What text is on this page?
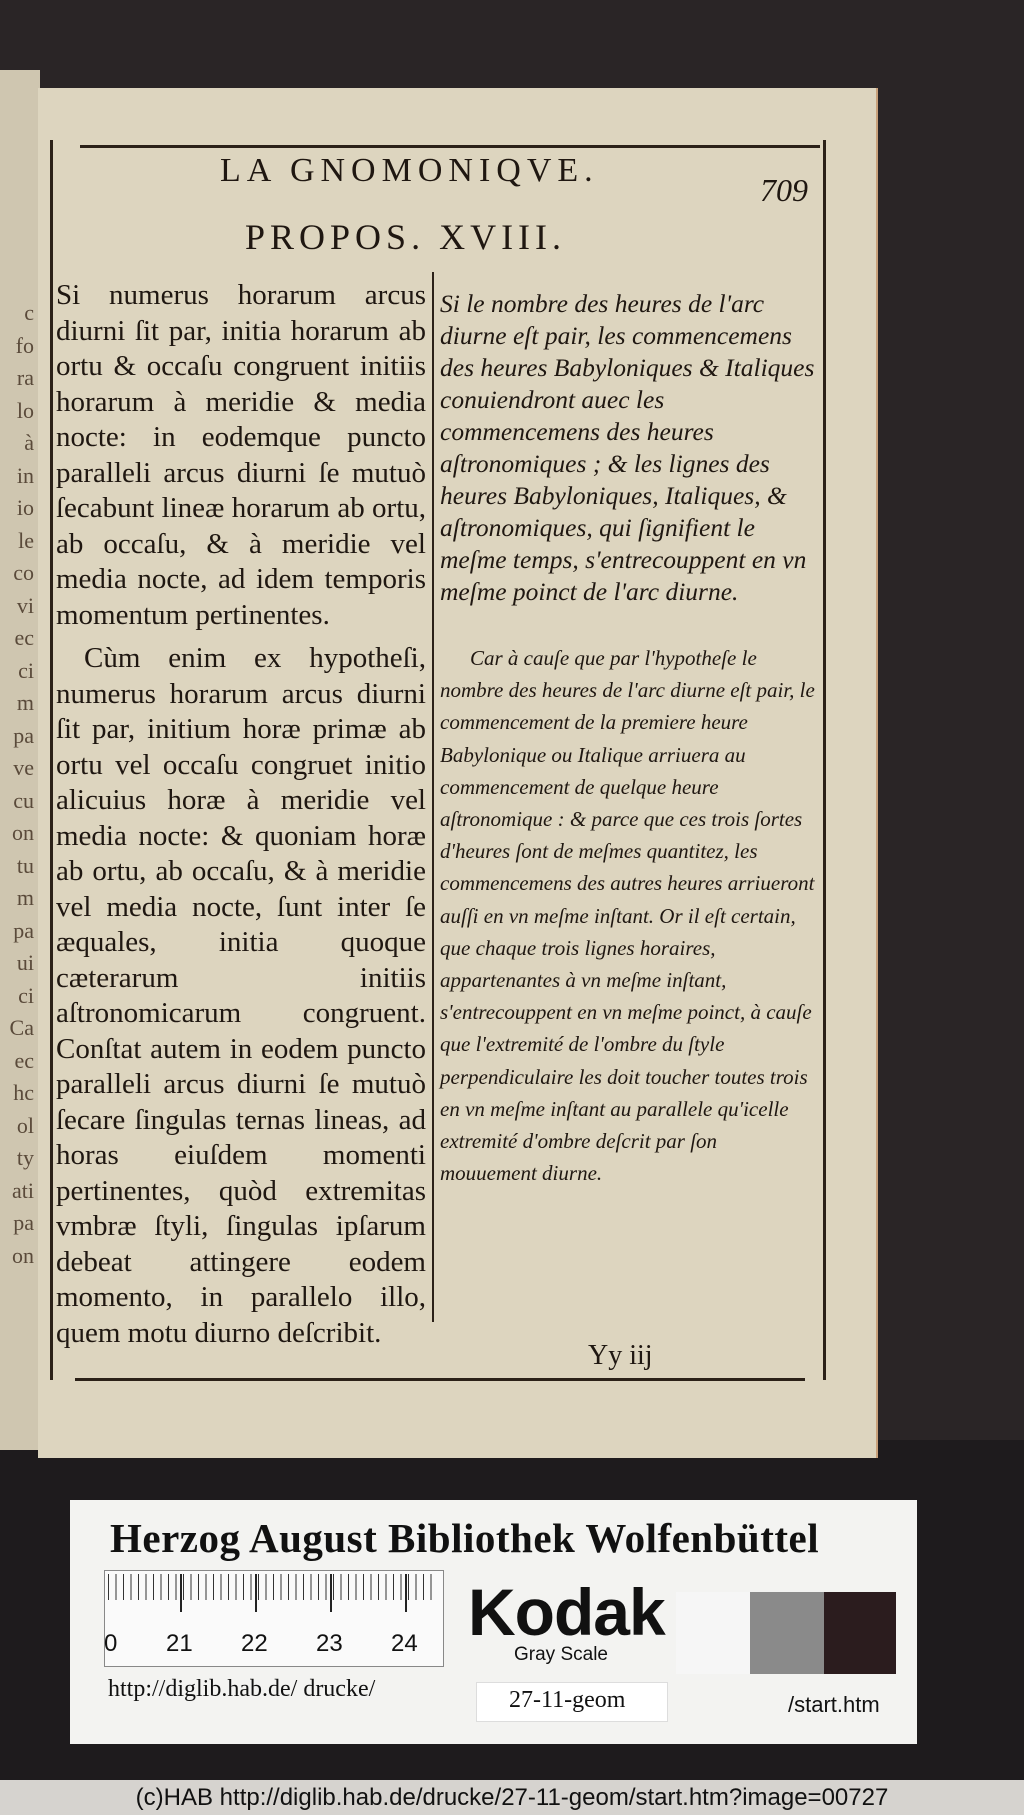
c
fo
ra
lo
à
in
io
le
co
vi
ec
ci
m
pa
ve
cu
on
tu
m
pa
ui
ci
Ca
ec
hc
ol
ty
ati
pa
on
LA GNOMONIQVE.
709
PROPOS. XVIII.

Si numerus horarum arcus diurni ſit par, initia horarum ab ortu & occaſu congruent initiis horarum à meridie & media nocte: in eodemque puncto paralleli arcus diurni ſe mutuò ſecabunt lineæ horarum ab ortu, ab occaſu, & à meridie vel media nocte, ad idem temporis momentum pertinentes.

Cùm enim ex hypotheſi, numerus horarum arcus diurni ſit par, initium horæ primæ ab ortu vel occaſu congruet initio alicuius horæ à meridie vel media nocte: & quoniam horæ ab ortu, ab occaſu, & à meridie vel media nocte, ſunt inter ſe æquales, initia quoque cæterarum initiis aſtronomicarum congruent. Conſtat autem in eodem puncto paralleli arcus diurni ſe mutuò ſecare ſingulas ternas lineas, ad horas eiuſdem momenti pertinentes, quòd extremitas vmbræ ſtyli, ſingulas ipſarum debeat attingere eodem momento, in parallelo illo, quem motu diurno deſcribit.

Si le nombre des heures de l'arc diurne eſt pair, les commencemens des heures Babyloniques & Italiques conuiendront auec les commencemens des heures aſtronomiques ; & les lignes des heures Babyloniques, Italiques, & aſtronomiques, qui ſignifient le meſme temps, s'entrecouppent en vn meſme poinct de l'arc diurne.

Car à cauſe que par l'hypotheſe le nombre des heures de l'arc diurne eſt pair, le commencement de la premiere heure Babylonique ou Italique arriuera au commencement de quelque heure aſtronomique : & parce que ces trois ſortes d'heures ſont de meſmes quantitez, les commencemens des autres heures arriueront auſſi en vn meſme inſtant. Or il eſt certain, que chaque trois lignes horaires, appartenantes à vn meſme inſtant, s'entrecouppent en vn meſme poinct, à cauſe que l'extremité de l'ombre du ſtyle perpendiculaire les doit toucher toutes trois en vn meſme inſtant au parallele qu'icelle extremité d'ombre deſcrit par ſon mouuement diurne.

Yy iij
Herzog August Bibliothek Wolfenbüttel
0 21 22 23 24 Kodak
Gray Scale
http://diglib.hab.de/ drucke/	27-11-geom	/start.htm
(c)HAB http://diglib.hab.de/drucke/27-11-geom/start.htm?image=00727
